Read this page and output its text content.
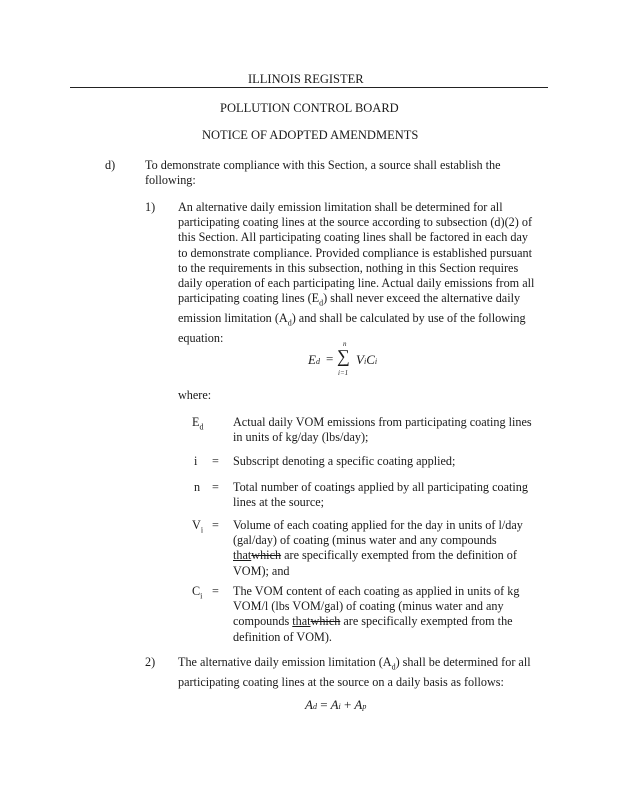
ILLINOIS REGISTER
POLLUTION CONTROL BOARD
NOTICE OF ADOPTED AMENDMENTS
d) To demonstrate compliance with this Section, a source shall establish the
following:
1) An alternative daily emission limitation shall be determined for all
participating coating lines at the source according to subsection (d)(2) of
this Section. All participating coating lines shall be factored in each day
to demonstrate compliance. Provided compliance is established pursuant
to the requirements in this subsection, nothing in this Section requires
daily operation of each participating line. Actual daily emissions from all
participating coating lines $(E_d)$ shall never exceed the alternative daily
emission limitation $(A_d)$ and shall be calculated by use of the following
equation:
Ed =
n
∑
i=1
ViCi
where:
$E_d$ Actual daily VOM emissions from participating coating lines
in units of kg/day (lbs/day);
i = Subscript denoting a specific coating applied;
n = Total number of coatings applied by all participating coating
lines at the source;
$V_i$ = Volume of each coating applied for the day in units of l/day
(gal/day) of coating (minus water and any compounds
thatwhich are specifically exempted from the definition of
VOM); and
$C_i$ = The VOM content of each coating as applied in units of kg
VOM/l (lbs VOM/gal) of coating (minus water and any
compounds thatwhich are specifically exempted from the
definition of VOM).
2) The alternative daily emission limitation $(A_d)$ shall be determined for all
participating coating lines at the source on a daily basis as follows:
Ad = Ai + Ap
